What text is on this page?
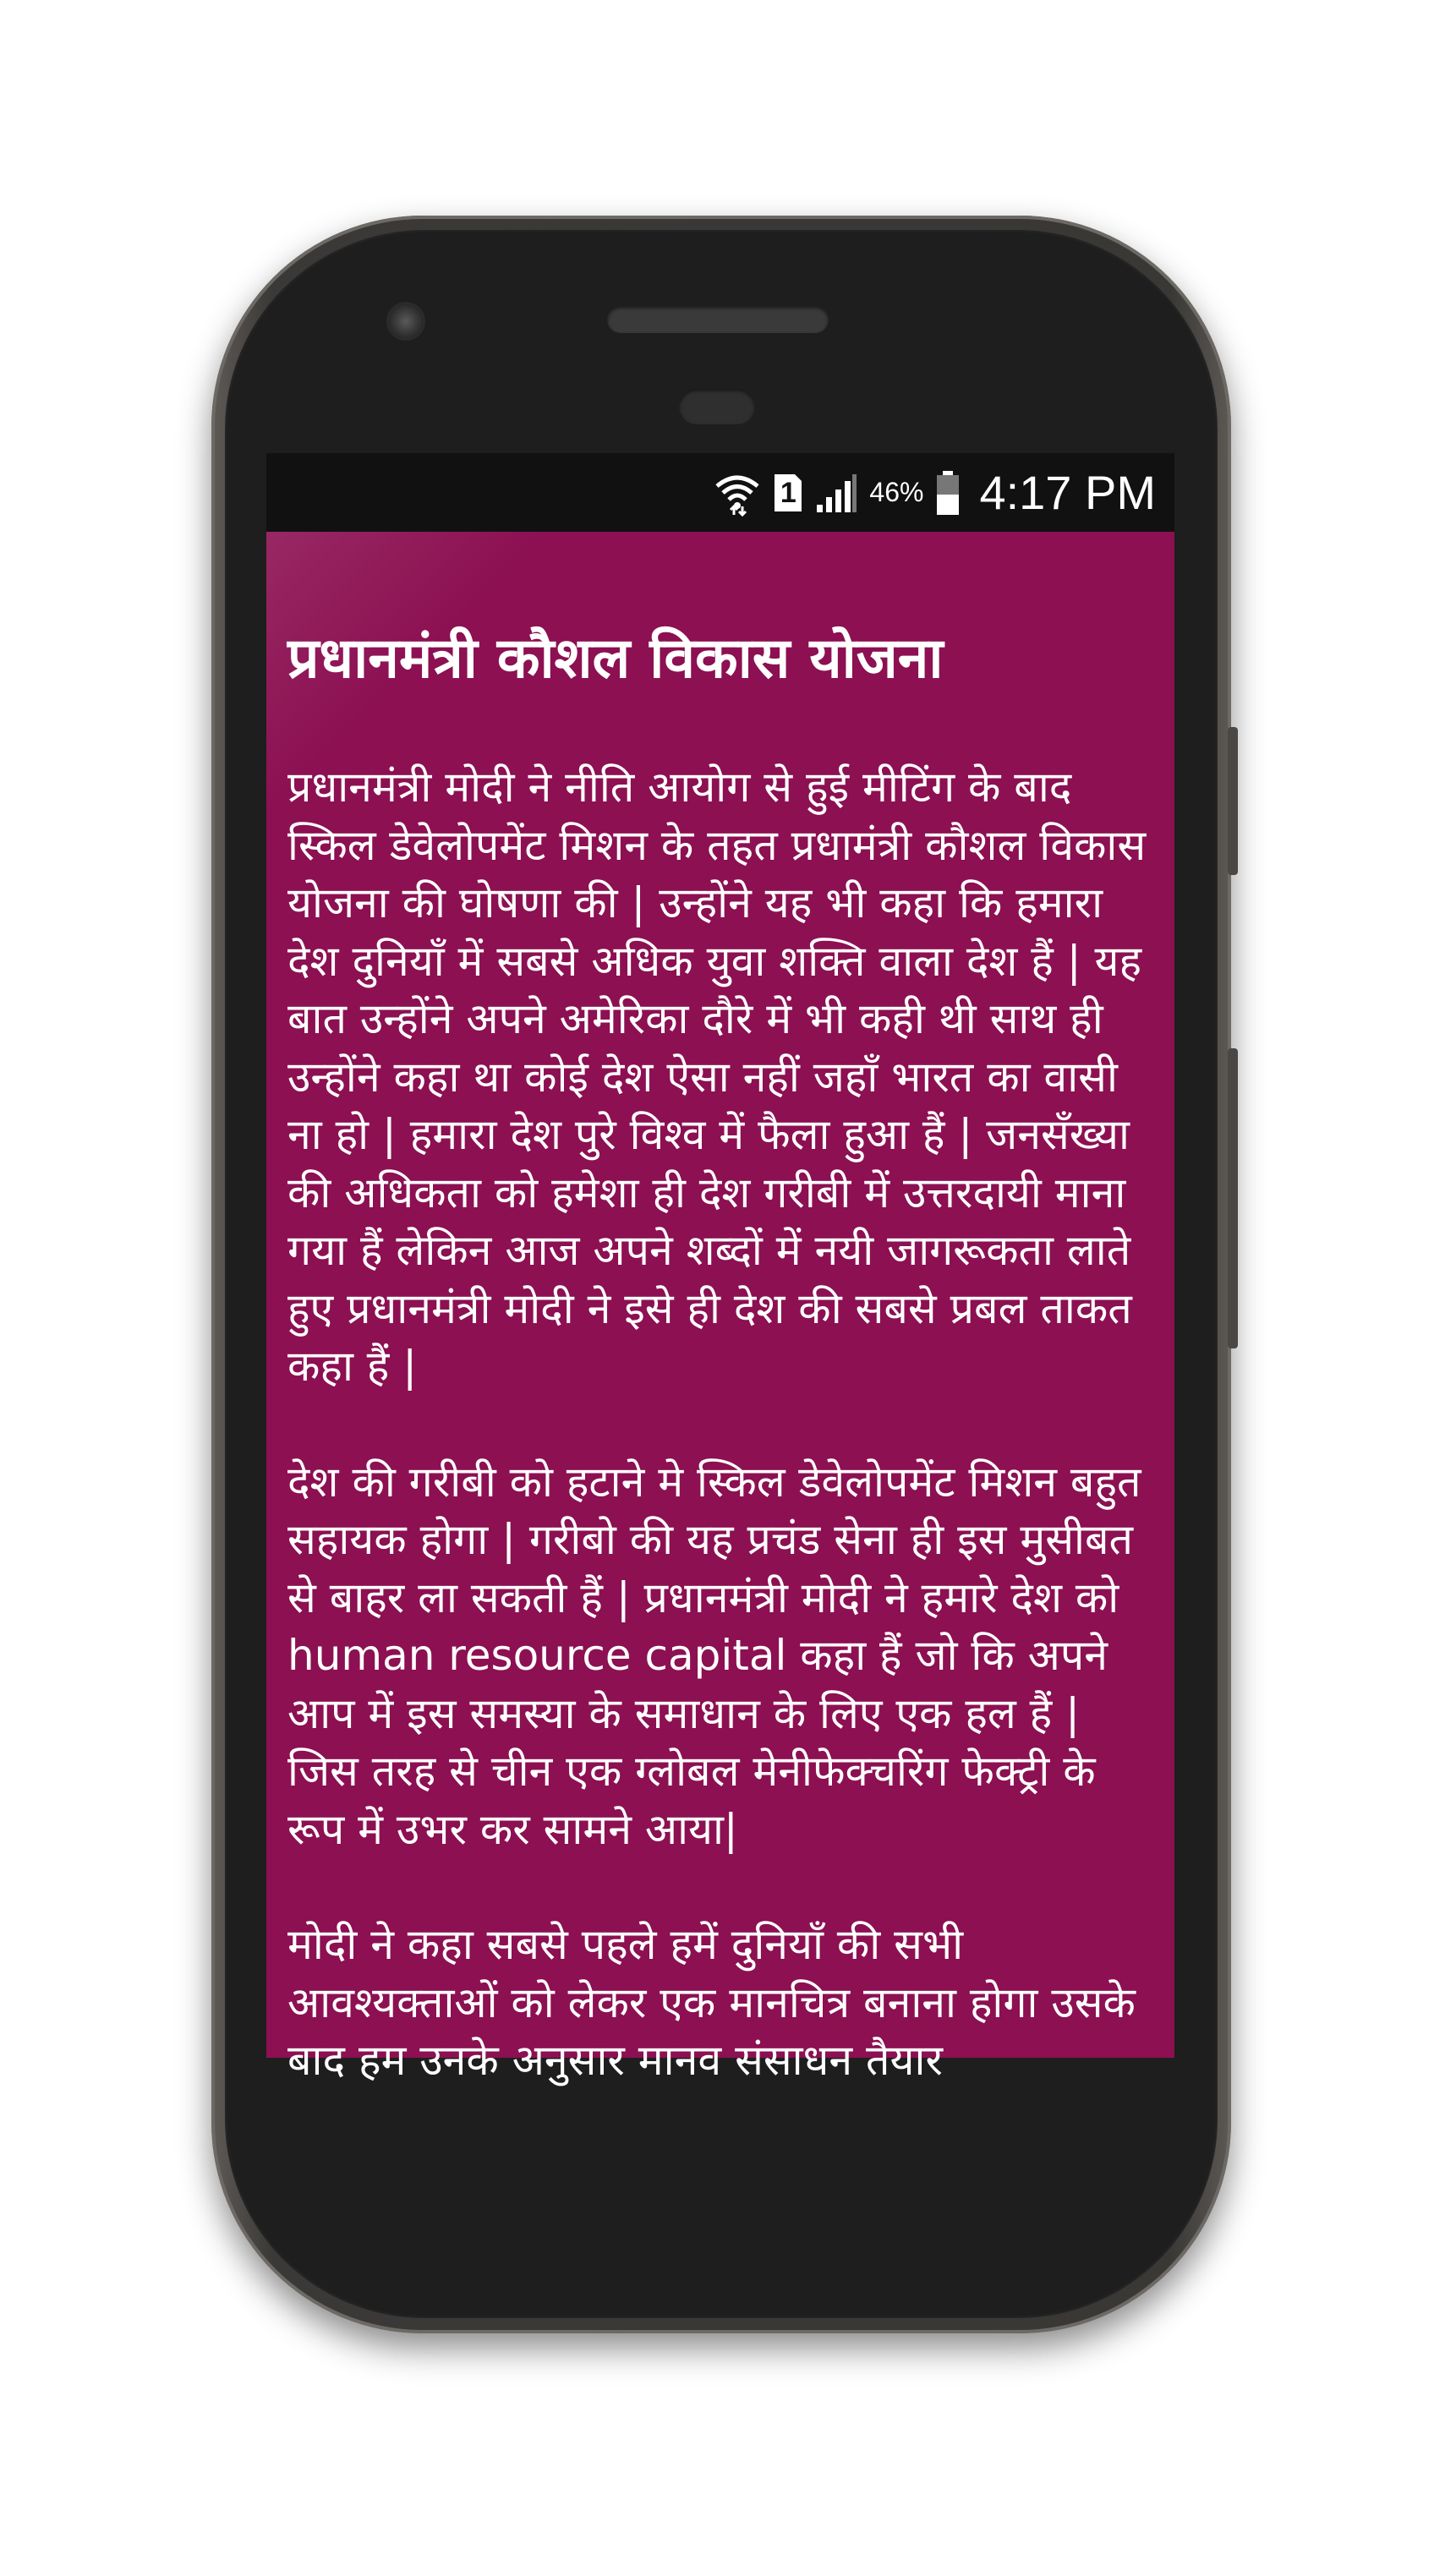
1	46% 4:17 PM
प्रधानमंत्री कौशल विकास योजना

प्रधानमंत्री मोदी ने नीति आयोग से हुई मीटिंग के बाद स्किल डेवेलोपमेंट मिशन के तहत प्रधामंत्री कौशल विकास योजना की घोषणा की | उन्होंने यह भी कहा कि हमारा देश दुनियाँ में सबसे अधिक युवा शक्ति वाला देश हैं | यह बात उन्होंने अपने अमेरिका दौरे में भी कही थी साथ ही उन्होंने कहा था कोई देश ऐसा नहीं जहाँ भारत का वासी ना हो | हमारा देश पुरे विश्व में फैला हुआ हैं | जनसँख्या की अधिकता को हमेशा ही देश गरीबी में उत्तरदायी माना गया हैं लेकिन आज अपने शब्दों में नयी जागरूकता लाते हुए प्रधानमंत्री मोदी ने इसे ही देश की सबसे प्रबल ताकत कहा हैं |

देश की गरीबी को हटाने मे स्किल डेवेलोपमेंट मिशन बहुत सहायक होगा | गरीबो की यह प्रचंड सेना ही इस मुसीबत से बाहर ला सकती हैं | प्रधानमंत्री मोदी ने हमारे देश को human resource capital कहा हैं जो कि अपने आप में इस समस्या के समाधान के लिए एक हल हैं | जिस तरह से चीन एक ग्लोबल मेनीफेक्चरिंग फेक्ट्री के रूप में उभर कर सामने आया|

मोदी ने कहा सबसे पहले हमें दुनियाँ की सभी आवश्यक्ताओं को लेकर एक मानचित्र बनाना होगा उसके बाद हम उनके अनुसार मानव संसाधन तैयार
